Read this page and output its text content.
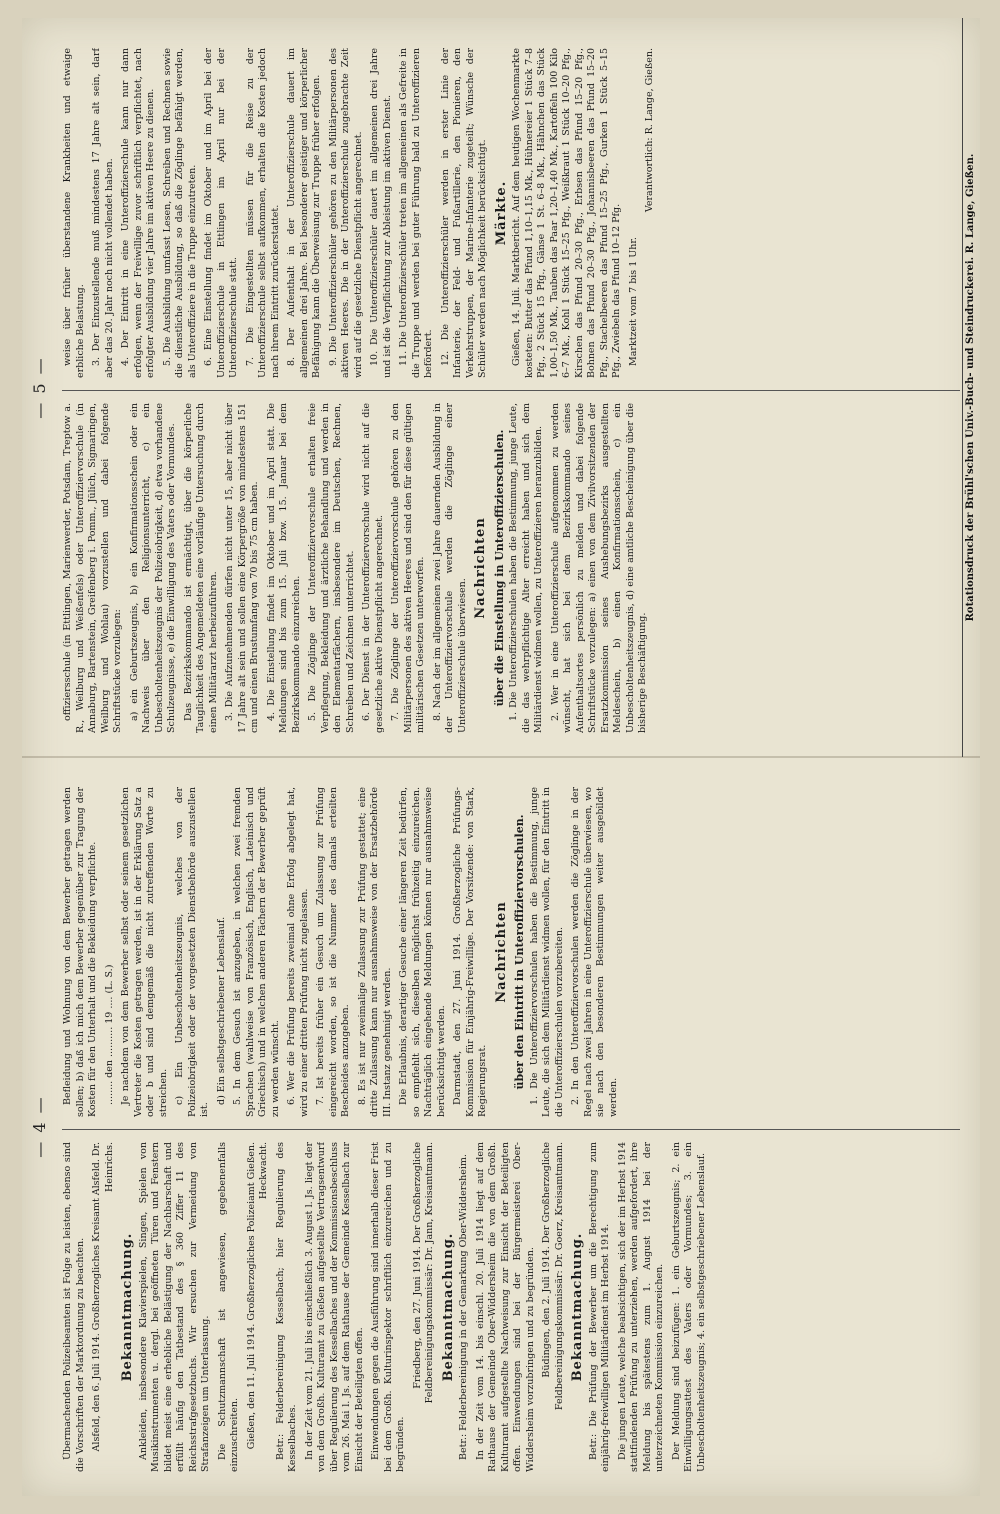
— 4 —

Übermachenden Polizeibeamten ist Folge zu leisten, ebenso sind die Vorschriften der Marktordnung zu beachten. Alsfeld, den 6. Juli 1914. Großherzogliches Kreisamt Alsfeld. Dr. Heinrichs.

Bekanntmachung. Ankleiden, insbesondere Klavierspielen, Singen, Spielen von Musikinstrumenten u. dergl. bei geöffneten Türen und Fenstern bildet meist eine erhebliche Belästigung der Nachbarschaft und erfüllt häufig den Tatbestand des § 360 Ziffer 11 des Reichsstrafgesetzbuchs. Wir ersuchen zur Vermeidung von Strafanzeigen um Unterlassung. Die Schutzmannschaft ist angewiesen, gegebenenfalls einzuschreiten. Gießen, den 11. Juli 1914. Großherzogliches Polizeiamt Gießen. Heckwacht. Betr.: Felderbereinigung Kesselbach; hier Regulierung des Kesselbaches. In der Zeit vom 21. Juli bis einschließlich 3. August l. Js. liegt der von dem Großh. Kulturamt zu Gießen aufgestellte Vertragsentwurf über Regulierung des Kesselbaches und der Kommissionsbeschluss vom 26. Mai l. Js. auf dem Rathause der Gemeinde Kesselbach zur Einsicht der Beteiligten offen. Einwendungen gegen die Ausführung sind innerhalb dieser Frist bei dem Großh. Kulturinspektor schriftlich einzureichen und zu begründen.

Friedberg, den 27. Juni 1914. Der Großherzogliche Feldbereinigungskommissär: Dr. Jann, Kreisamtmann. Bekanntmachung. Betr.: Felderbereinigung in der Gemarkung Ober-Widdersheim. In der Zeit vom 14. bis einschl. 20. Juli 1914 liegt auf dem Rathause der Gemeinde Ober-Widdersheim die von dem Großh. Kulturamt aufgestellte Nachweisung zur Einsicht der Beteiligten offen. Einwendungen sind bei der Bürgermeisterei Ober-Widdersheim vorzubringen und zu begründen. Büdingen, den 2. Juli 1914. Der Großherzogliche Feldbereinigungskommissär: Dr. Goerz, Kreisamtmann. Bekanntmachung. Betr.: Die Prüfung der Bewerber um die Berechtigung zum einjährig-freiwilligen Militärdienst im Herbst 1914. Die jungen Leute, welche beabsichtigen, sich der im Herbst 1914 stattfindenden Prüfung zu unterziehen, werden aufgefordert, ihre Meldung bis spätestens zum 1. August 1914 bei der unterzeichneten Kommission einzureichen. Der Meldung sind beizufügen: 1. ein Geburtszeugnis; 2. ein Einwilligungsattest des Vaters oder Vormundes; 3. ein Unbescholtenheitszeugnis; 4. ein selbstgeschriebener Lebenslauf.

Befleidung und Wohnung von dem Bewerber getragen werden sollen; b) daß ich mich dem Bewerber gegenüber zur Tragung der Kosten für den Unterhalt und die Bekleidung verpflichte. ........ den .......... 19 .... (L. S.) Je nachdem von dem Bewerber selbst oder seinem gesetzlichen Vertreter die Kosten getragen werden, ist in der Erklärung Satz a oder b und sind demgemäß die nicht zutreffenden Worte zu streichen. c) Ein Unbescholtenheitszeugnis, welches von der Polizeiobrigkeit oder der vorgesetzten Dienstbehörde auszustellen ist.

d) Ein selbstgeschriebener Lebenslauf. 5. In dem Gesuch ist anzugeben, in welchen zwei fremden Sprachen (wahlweise von Französisch, Englisch, Lateinisch und Griechisch) und in welchen anderen Fächern der Bewerber geprüft zu werden wünscht. 6. Wer die Prüfung bereits zweimal ohne Erfolg abgelegt hat, wird zu einer dritten Prüfung nicht zugelassen. 7. Ist bereits früher ein Gesuch um Zulassung zur Prüfung eingereicht worden, so ist die Nummer des damals erteilten Bescheides anzugeben. 8. Es ist nur zweimalige Zulassung zur Prüfung gestattet; eine dritte Zulassung kann nur ausnahmsweise von der Ersatzbehörde III. Instanz genehmigt werden. Die Erlaubnis, derartiger Gesuche einer längeren Zeit bedürfen, so empfiehlt sich, dieselben möglichst frühzeitig einzureichen. Nachträglich eingehende Meldungen können nur ausnahmsweise berücksichtigt werden. Darmstadt, den 27. Juni 1914. Großherzogliche Prüfungs-Kommission für Einjährig-Freiwillige. Der Vorsitzende: von Stark, Regierungsrat.

Nachrichten über den Eintritt in Unteroffiziervorschulen. 1. Die Unteroffiziervorschulen haben die Bestimmung, junge Leute, die sich dem Militärdienst widmen wollen, für den Eintritt in die Unteroffizierschulen vorzubereiten. 2. In den Unteroffiziervorschulen werden die Zöglinge in der Regel nach zwei Jahren in eine Unteroffizierschule überwiesen, wo sie nach den besonderen Bestimmungen weiter ausgebildet werden.

— 5 —

offiziersschule (in Ettlingen, Marienwerder, Potsdam, Treptow a. R., Weilburg und Weißenfels) oder Unteroffiziervorschule (in Annaburg, Bartenstein, Greifenberg i. Pomm., Jülich, Sigmaringen, Weilburg und Wohlau) vorzustellen und dabei folgende Schriftstücke vorzulegen: a) ein Geburtszeugnis, b) ein Konfirmationsschein oder ein Nachweis über den Religionsunterricht, c) ein Unbescholtenheitszeugnis der Polizeiobrigkeit, d) etwa vorhandene Schulzeugnisse, e) die Einwilligung des Vaters oder Vormundes. Das Bezirkskommando ist ermächtigt, über die körperliche Tauglichkeit des Angemeldeten eine vorläufige Untersuchung durch einen Militärarzt herbeizuführen. 3. Die Aufzunehmenden dürfen nicht unter 15, aber nicht über 17 Jahre alt sein und sollen eine Körpergröße von mindestens 151 cm und einen Brustumfang von 70 bis 75 cm haben. 4. Die Einstellung findet im Oktober und im April statt. Die Meldungen sind bis zum 15. Juli bzw. 15. Januar bei dem Bezirkskommando einzureichen. 5. Die Zöglinge der Unteroffiziervorschule erhalten freie Verpflegung, Bekleidung und ärztliche Behandlung und werden in den Elementarfächern, insbesondere im Deutschen, Rechnen, Schreiben und Zeichnen unterrichtet. 6. Der Dienst in der Unteroffiziervorschule wird nicht auf die gesetzliche aktive Dienstpflicht angerechnet. 7. Die Zöglinge der Unteroffiziervorschule gehören zu den Militärpersonen des aktiven Heeres und sind den für diese gültigen militärischen Gesetzen unterworfen. 8. Nach der im allgemeinen zwei Jahre dauernden Ausbildung in der Unteroffiziervorschule werden die Zöglinge einer Unteroffizierschule überwiesen.

Nachrichten über die Einstellung in Unteroffizierschulen. 1. Die Unteroffizierschulen haben die Bestimmung, junge Leute, die das wehrpflichtige Alter erreicht haben und sich dem Militärdienst widmen wollen, zu Unteroffizieren heranzubilden. 2. Wer in eine Unteroffizierschule aufgenommen zu werden wünscht, hat sich bei dem Bezirkskommando seines Aufenthaltsortes persönlich zu melden und dabei folgende Schriftstücke vorzulegen: a) einen von dem Zivilvorsitzenden der Ersatzkommission seines Aushebungsbezirks ausgestellten Meldeschein, b) einen Konfirmationsschein, c) ein Unbescholtenheitszeugnis, d) eine amtliche Bescheinigung über die bisherige Beschäftigung.

weise über früher überstandene Krankheiten und etwaige erbliche Belastung. 3. Der Einzustellende muß mindestens 17 Jahre alt sein, darf aber das 20. Jahr noch nicht vollendet haben. 4. Der Eintritt in eine Unteroffizierschule kann nur dann erfolgen, wenn der Freiwillige zuvor schriftlich verpflichtet, nach erfolgter Ausbildung vier Jahre im aktiven Heere zu dienen. 5. Die Ausbildung umfasst Lesen, Schreiben und Rechnen sowie die dienstliche Ausbildung, so daß die Zöglinge befähigt werden, als Unteroffiziere in die Truppe einzutreten. 6. Eine Einstellung findet im Oktober und im April bei der Unteroffizierschule in Ettlingen im April nur bei der Unteroffizierschule statt. 7. Die Eingestellten müssen für die Reise zu der Unteroffizierschule selbst aufkommen, erhalten die Kosten jedoch nach ihrem Eintritt zurückerstattet. 8. Der Aufenthalt in der Unteroffizierschule dauert im allgemeinen drei Jahre. Bei besonderer geistiger und körperlicher Befähigung kann die Überweisung zur Truppe früher erfolgen. 9. Die Unteroffizierschüler gehören zu den Militärpersonen des aktiven Heeres. Die in der Unteroffizierschule zugebrachte Zeit wird auf die gesetzliche Dienstpflicht angerechnet. 10. Die Unteroffizierschüler dauert im allgemeinen drei Jahre und ist die Verpflichtung zur Ableistung im aktiven Dienst. 11. Die Unteroffizierschüler treten im allgemeinen als Gefreite in die Truppe und werden bei guter Führung bald zu Unteroffizieren befördert. 12. Die Unteroffizierschüler werden in erster Linie der Infanterie, der Feld- und Fußartillerie, den Pionieren, den Verkehrstruppen, der Marine-Infanterie zugeteilt; Wünsche der Schüler werden nach Möglichkeit berücksichtigt. Märkte. Gießen, 14. Juli. Marktbericht. Auf dem heutigen Wochenmarkte kosteten: Butter das Pfund 1,10–1,15 Mk., Hühnereier 1 Stück 7–8 Pfg., 2 Stück 15 Pfg., Gänse 1 St. 6–8 Mk., Hähnchen das Stück 1,00–1,50 Mk., Tauben das Paar 1,20–1,40 Mk., Kartoffeln 100 Kilo 6–7 Mk., Kohl 1 Stück 15–25 Pfg., Weißkraut 1 Stück 10–20 Pfg., Kirschen das Pfund 20–30 Pfg., Erbsen das Pfund 15–20 Pfg., Bohnen das Pfund 20–30 Pfg., Johannisbeeren das Pfund 15–20 Pfg., Stachelbeeren das Pfund 15–25 Pfg., Gurken 1 Stück 5–15 Pfg., Zwiebeln das Pfund 10–12 Pfg. Marktzeit vom 7 bis 1 Uhr.

Verantwortlich: R. Lange, Gießen.

Rotationsdruck der Brühl'schen Univ.-Buch- und Steindruckerei. R. Lange, Gießen.
